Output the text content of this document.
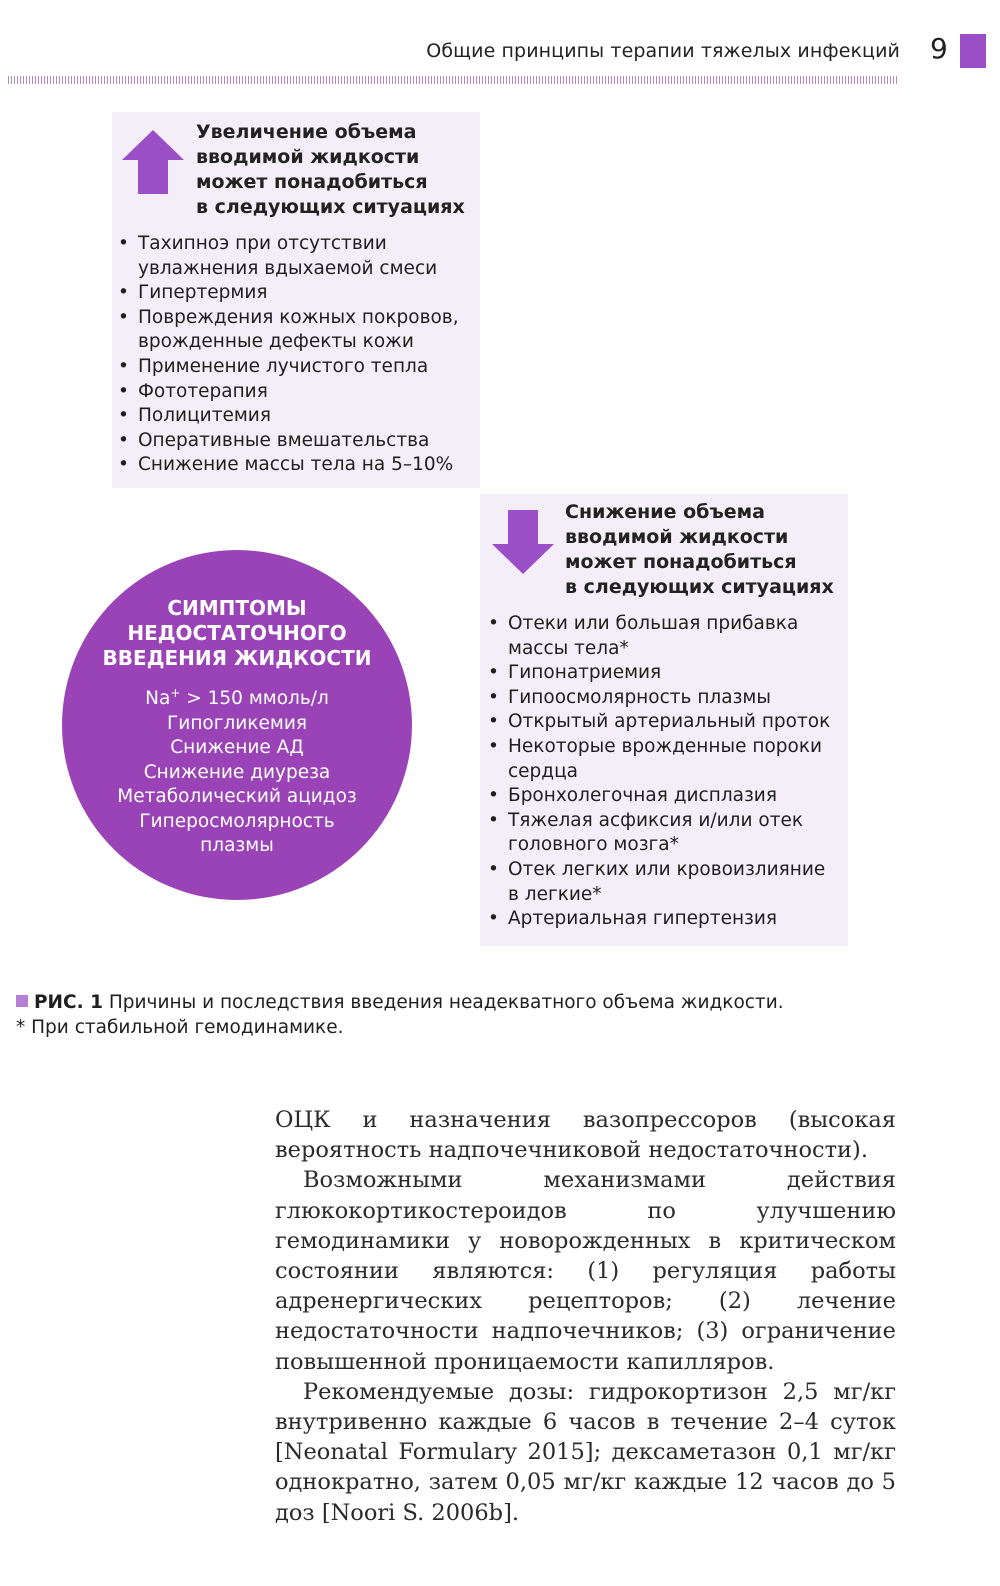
Общие принципы терапии тяжелых инфекций 9
Увеличение объема
вводимой жидкости
может понадобиться
в следующих ситуациях
• Тахипноэ при отсутствии увлажнения вдыхаемой смеси
• Гипертермия
• Повреждения кожных покровов, врожденные дефекты кожи
• Применение лучистого тепла
• Фототерапия
• Полицитемия
• Оперативные вмешательства
• Снижение массы тела на 5–10%
Снижение объема
вводимой жидкости
может понадобиться
в следующих ситуациях
• Отеки или большая прибавка массы тела*
• Гипонатриемия
• Гипоосмолярность плазмы
• Открытый артериальный проток
• Некоторые врожденные пороки сердца
• Бронхолегочная дисплазия
• Тяжелая асфиксия и/или отек головного мозга*
• Отек легких или кровоизлияние в легкие*
• Артериальная гипертензия
СИМПТОМЫ
НЕДОСТАТОЧНОГО
ВВЕДЕНИЯ ЖИДКОСТИ
Na+ > 150 ммоль/л
Гипогликемия
Снижение АД
Снижение диуреза
Метаболический ацидоз
Гиперосмолярность
плазмы
РИС. 1 Причины и последствия введения неадекватного объема жидкости.
* При стабильной гемодинамике.

ОЦК и назначения вазопрессоров (высокая вероятность надпочечниковой недостаточности).

Возможными механизмами действия глюкокортикостероидов по улучшению гемодинамики у новорожденных в критическом состоянии являются: (1) регуляция работы адренергических рецепторов; (2) лечение недостаточности надпочечников; (3) ограничение повышенной проницаемости капилляров.

Рекомендуемые дозы: гидрокортизон 2,5 мг/кг внутривенно каждые 6 часов в течение 2–4 суток [Neonatal Formulary 2015]; дексаметазон 0,1 мг/кг однократно, затем 0,05 мг/кг каждые 12 часов до 5 доз [Noori S. 2006b].
